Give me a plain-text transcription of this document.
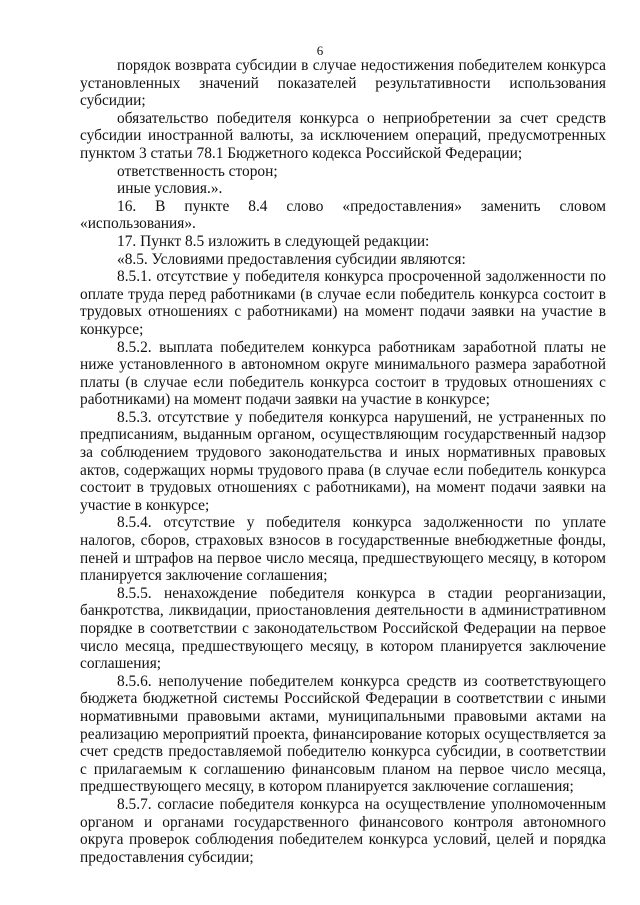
6

порядок возврата субсидии в случае недостижения победителем конкурса установленных значений показателей результативности использования субсидии;

обязательство победителя конкурса о неприобретении за счет средств субсидии иностранной валюты, за исключением операций, предусмотренных пунктом 3 статьи 78.1 Бюджетного кодекса Российской Федерации;

ответственность сторон;

иные условия.».

16. В пункте 8.4 слово «предоставления» заменить словом «использования».

17. Пункт 8.5 изложить в следующей редакции:

«8.5. Условиями предоставления субсидии являются:

8.5.1. отсутствие у победителя конкурса просроченной задолженности по оплате труда перед работниками (в случае если победитель конкурса состоит в трудовых отношениях с работниками) на момент подачи заявки на участие в конкурсе;

8.5.2. выплата победителем конкурса работникам заработной платы не ниже установленного в автономном округе минимального размера заработной платы (в случае если победитель конкурса состоит в трудовых отношениях с работниками) на момент подачи заявки на участие в конкурсе;

8.5.3. отсутствие у победителя конкурса нарушений, не устраненных по предписаниям, выданным органом, осуществляющим государственный надзор за соблюдением трудового законодательства и иных нормативных правовых актов, содержащих нормы трудового права (в случае если победитель конкурса состоит в трудовых отношениях с работниками), на момент подачи заявки на участие в конкурсе;

8.5.4. отсутствие у победителя конкурса задолженности по уплате налогов, сборов, страховых взносов в государственные внебюджетные фонды, пеней и штрафов на первое число месяца, предшествующего месяцу, в котором планируется заключение соглашения;

8.5.5. ненахождение победителя конкурса в стадии реорганизации, банкротства, ликвидации, приостановления деятельности в административном порядке в соответствии с законодательством Российской Федерации на первое число месяца, предшествующего месяцу, в котором планируется заключение соглашения;

8.5.6. неполучение победителем конкурса средств из соответствующего бюджета бюджетной системы Российской Федерации в соответствии с иными нормативными правовыми актами, муниципальными правовыми актами на реализацию мероприятий проекта, финансирование которых осуществляется за счет средств предоставляемой победителю конкурса субсидии, в соответствии с прилагаемым к соглашению финансовым планом на первое число месяца, предшествующего месяцу, в котором планируется заключение соглашения;

8.5.7. согласие победителя конкурса на осуществление уполномоченным органом и органами государственного финансового контроля автономного округа проверок соблюдения победителем конкурса условий, целей и порядка предоставления субсидии;
